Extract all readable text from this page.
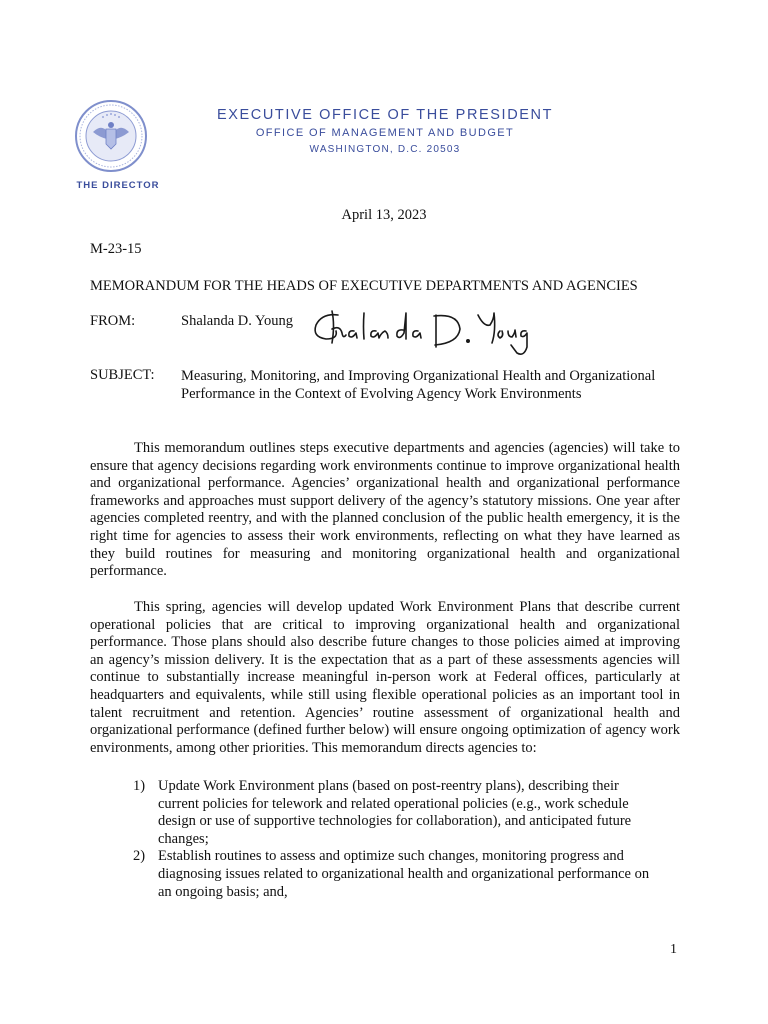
THE DIRECTOR
EXECUTIVE OFFICE OF THE PRESIDENT
OFFICE OF MANAGEMENT AND BUDGET
WASHINGTON, D.C. 20503
April 13, 2023
M-23-15
MEMORANDUM FOR THE HEADS OF EXECUTIVE DEPARTMENTS AND AGENCIES
FROM:	Shalanda D. Young
SUBJECT: Measuring, Monitoring, and Improving Organizational Health and Organizational Performance in the Context of Evolving Agency Work Environments

This memorandum outlines steps executive departments and agencies (agencies) will take to ensure that agency decisions regarding work environments continue to improve organizational health and organizational performance. Agencies’ organizational health and organizational performance frameworks and approaches must support delivery of the agency’s statutory missions. One year after agencies completed reentry, and with the planned conclusion of the public health emergency, it is the right time for agencies to assess their work environments, reflecting on what they have learned as they build routines for measuring and monitoring organizational health and organizational performance.

This spring, agencies will develop updated Work Environment Plans that describe current operational policies that are critical to improving organizational health and organizational performance. Those plans should also describe future changes to those policies aimed at improving an agency’s mission delivery. It is the expectation that as a part of these assessments agencies will continue to substantially increase meaningful in-person work at Federal offices, particularly at headquarters and equivalents, while still using flexible operational policies as an important tool in talent recruitment and retention. Agencies’ routine assessment of organizational health and organizational performance (defined further below) will ensure ongoing optimization of agency work environments, among other priorities. This memorandum directs agencies to:

1) Update Work Environment plans (based on post-reentry plans), describing their current policies for telework and related operational policies (e.g., work schedule design or use of supportive technologies for collaboration), and anticipated future changes;
2) Establish routines to assess and optimize such changes, monitoring progress and diagnosing issues related to organizational health and organizational performance on an ongoing basis; and,
1
